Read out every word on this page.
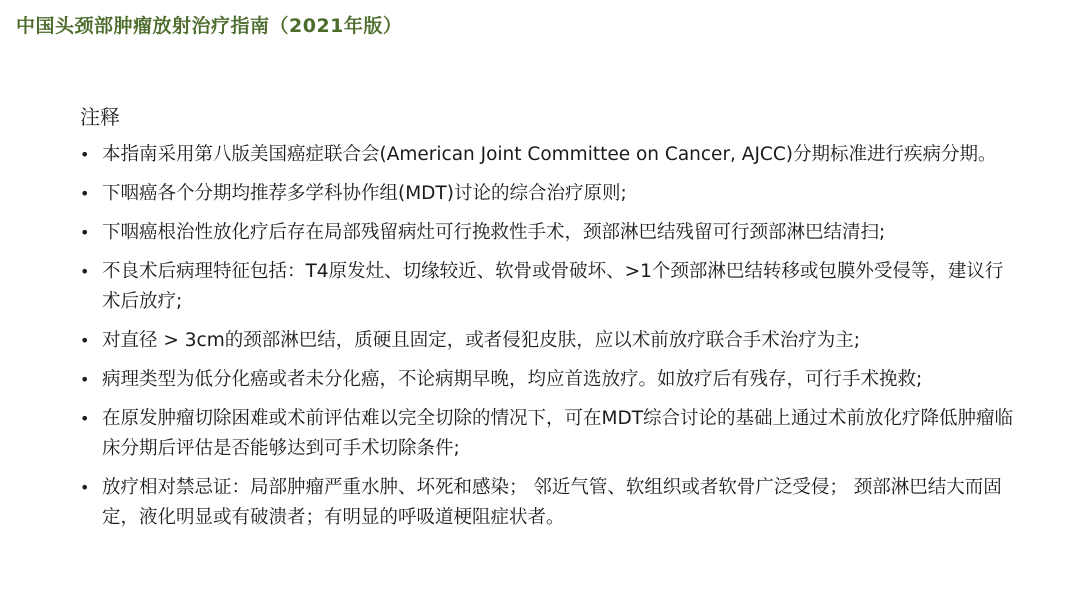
中国头颈部肿瘤放射治疗指南（2021年版）
注释
• 本指南采用第八版美国癌症联合会(American Joint Committee on Cancer, AJCC)分期标准进行疾病分期。
• 下咽癌各个分期均推荐多学科协作组(MDT)讨论的综合治疗原则;
• 下咽癌根治性放化疗后存在局部残留病灶可行挽救性手术，颈部淋巴结残留可行颈部淋巴结清扫;
• 不良术后病理特征包括：T4原发灶、切缘较近、软骨或骨破坏、>1个颈部淋巴结转移或包膜外受侵等，建议行术后放疗;
• 对直径 > 3cm的颈部淋巴结，质硬且固定，或者侵犯皮肤，应以术前放疗联合手术治疗为主;
• 病理类型为低分化癌或者未分化癌，不论病期早晚，均应首选放疗。如放疗后有残存，可行手术挽救;
• 在原发肿瘤切除困难或术前评估难以完全切除的情况下，可在MDT综合讨论的基础上通过术前放化疗降低肿瘤临床分期后评估是否能够达到可手术切除条件;
• 放疗相对禁忌证：局部肿瘤严重水肿、坏死和感染； 邻近气管、软组织或者软骨广泛受侵； 颈部淋巴结大而固定，液化明显或有破溃者；有明显的呼吸道梗阻症状者。
